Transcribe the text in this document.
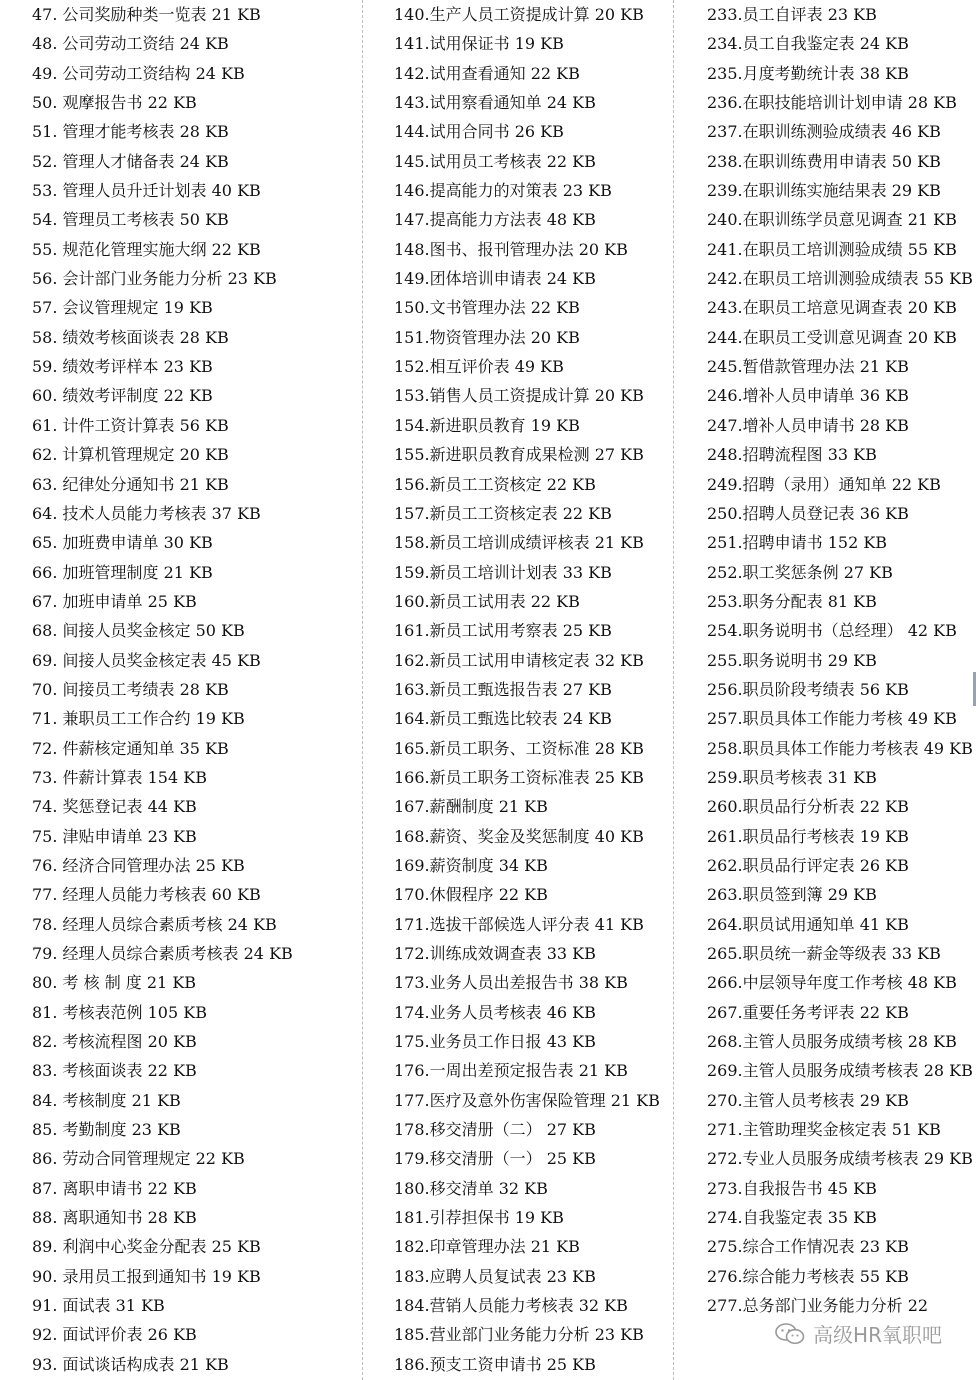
47. 公司奖励种类一览表 21 KB
48. 公司劳动工资结 24 KB
49. 公司劳动工资结构 24 KB
50. 观摩报告书 22 KB
51. 管理才能考核表 28 KB
52. 管理人才储备表 24 KB
53. 管理人员升迁计划表 40 KB
54. 管理员工考核表 50 KB
55. 规范化管理实施大纲 22 KB
56. 会计部门业务能力分析 23 KB
57. 会议管理规定 19 KB
58. 绩效考核面谈表 28 KB
59. 绩效考评样本 23 KB
60. 绩效考评制度 22 KB
61. 计件工资计算表 56 KB
62. 计算机管理规定 20 KB
63. 纪律处分通知书 21 KB
64. 技术人员能力考核表 37 KB
65. 加班费申请单 30 KB
66. 加班管理制度 21 KB
67. 加班申请单 25 KB
68. 间接人员奖金核定 50 KB
69. 间接人员奖金核定表 45 KB
70. 间接员工考绩表 28 KB
71. 兼职员工工作合约 19 KB
72. 件薪核定通知单 35 KB
73. 件薪计算表 154 KB
74. 奖惩登记表 44 KB
75. 津贴申请单 23 KB
76. 经济合同管理办法 25 KB
77. 经理人员能力考核表 60 KB
78. 经理人员综合素质考核 24 KB
79. 经理人员综合素质考核表 24 KB
80. 考 核 制 度 21 KB
81. 考核表范例 105 KB
82. 考核流程图 20 KB
83. 考核面谈表 22 KB
84. 考核制度 21 KB
85. 考勤制度 23 KB
86. 劳动合同管理规定 22 KB
87. 离职申请书 22 KB
88. 离职通知书 28 KB
89. 利润中心奖金分配表 25 KB
90. 录用员工报到通知书 19 KB
91. 面试表 31 KB
92. 面试评价表 26 KB
93. 面试谈话构成表 21 KB
140.生产人员工资提成计算 20 KB
141.试用保证书 19 KB
142.试用查看通知 22 KB
143.试用察看通知单 24 KB
144.试用合同书 26 KB
145.试用员工考核表 22 KB
146.提高能力的对策表 23 KB
147.提高能力方法表 48 KB
148.图书、报刊管理办法 20 KB
149.团体培训申请表 24 KB
150.文书管理办法 22 KB
151.物资管理办法 20 KB
152.相互评价表 49 KB
153.销售人员工资提成计算 20 KB
154.新进职员教育 19 KB
155.新进职员教育成果检测 27 KB
156.新员工工资核定 22 KB
157.新员工工资核定表 22 KB
158.新员工培训成绩评核表 21 KB
159.新员工培训计划表 33 KB
160.新员工试用表 22 KB
161.新员工试用考察表 25 KB
162.新员工试用申请核定表 32 KB
163.新员工甄选报告表 27 KB
164.新员工甄选比较表 24 KB
165.新员工职务、工资标准 28 KB
166.新员工职务工资标准表 25 KB
167.薪酬制度 21 KB
168.薪资、奖金及奖惩制度 40 KB
169.薪资制度 34 KB
170.休假程序 22 KB
171.选拔干部候选人评分表 41 KB
172.训练成效调查表 33 KB
173.业务人员出差报告书 38 KB
174.业务人员考核表 46 KB
175.业务员工作日报 43 KB
176.一周出差预定报告表 21 KB
177.医疗及意外伤害保险管理 21 KB
178.移交清册（二） 27 KB
179.移交清册（一） 25 KB
180.移交清单 32 KB
181.引荐担保书 19 KB
182.印章管理办法 21 KB
183.应聘人员复试表 23 KB
184.营销人员能力考核表 32 KB
185.营业部门业务能力分析 23 KB
186.预支工资申请书 25 KB
233.员工自评表 23 KB
234.员工自我鉴定表 24 KB
235.月度考勤统计表 38 KB
236.在职技能培训计划申请 28 KB
237.在职训练测验成绩表 46 KB
238.在职训练费用申请表 50 KB
239.在职训练实施结果表 29 KB
240.在职训练学员意见调查 21 KB
241.在职员工培训测验成绩 55 KB
242.在职员工培训测验成绩表 55 KB
243.在职员工培意见调查表 20 KB
244.在职员工受训意见调查 20 KB
245.暂借款管理办法 21 KB
246.增补人员申请单 36 KB
247.增补人员申请书 28 KB
248.招聘流程图 33 KB
249.招聘（录用）通知单 22 KB
250.招聘人员登记表 36 KB
251.招聘申请书 152 KB
252.职工奖惩条例 27 KB
253.职务分配表 81 KB
254.职务说明书（总经理） 42 KB
255.职务说明书 29 KB
256.职员阶段考绩表 56 KB
257.职员具体工作能力考核 49 KB
258.职员具体工作能力考核表 49 KB
259.职员考核表 31 KB
260.职员品行分析表 22 KB
261.职员品行考核表 19 KB
262.职员品行评定表 26 KB
263.职员签到簿 29 KB
264.职员试用通知单 41 KB
265.职员统一薪金等级表 33 KB
266.中层领导年度工作考核 48 KB
267.重要任务考评表 22 KB
268.主管人员服务成绩考核 28 KB
269.主管人员服务成绩考核表 28 KB
270.主管人员考核表 29 KB
271.主管助理奖金核定表 51 KB
272.专业人员服务成绩考核表 29 KB
273.自我报告书 45 KB
274.自我鉴定表 35 KB
275.综合工作情况表 23 KB
276.综合能力考核表 55 KB
277.总务部门业务能力分析 22
高级HR氧职吧
